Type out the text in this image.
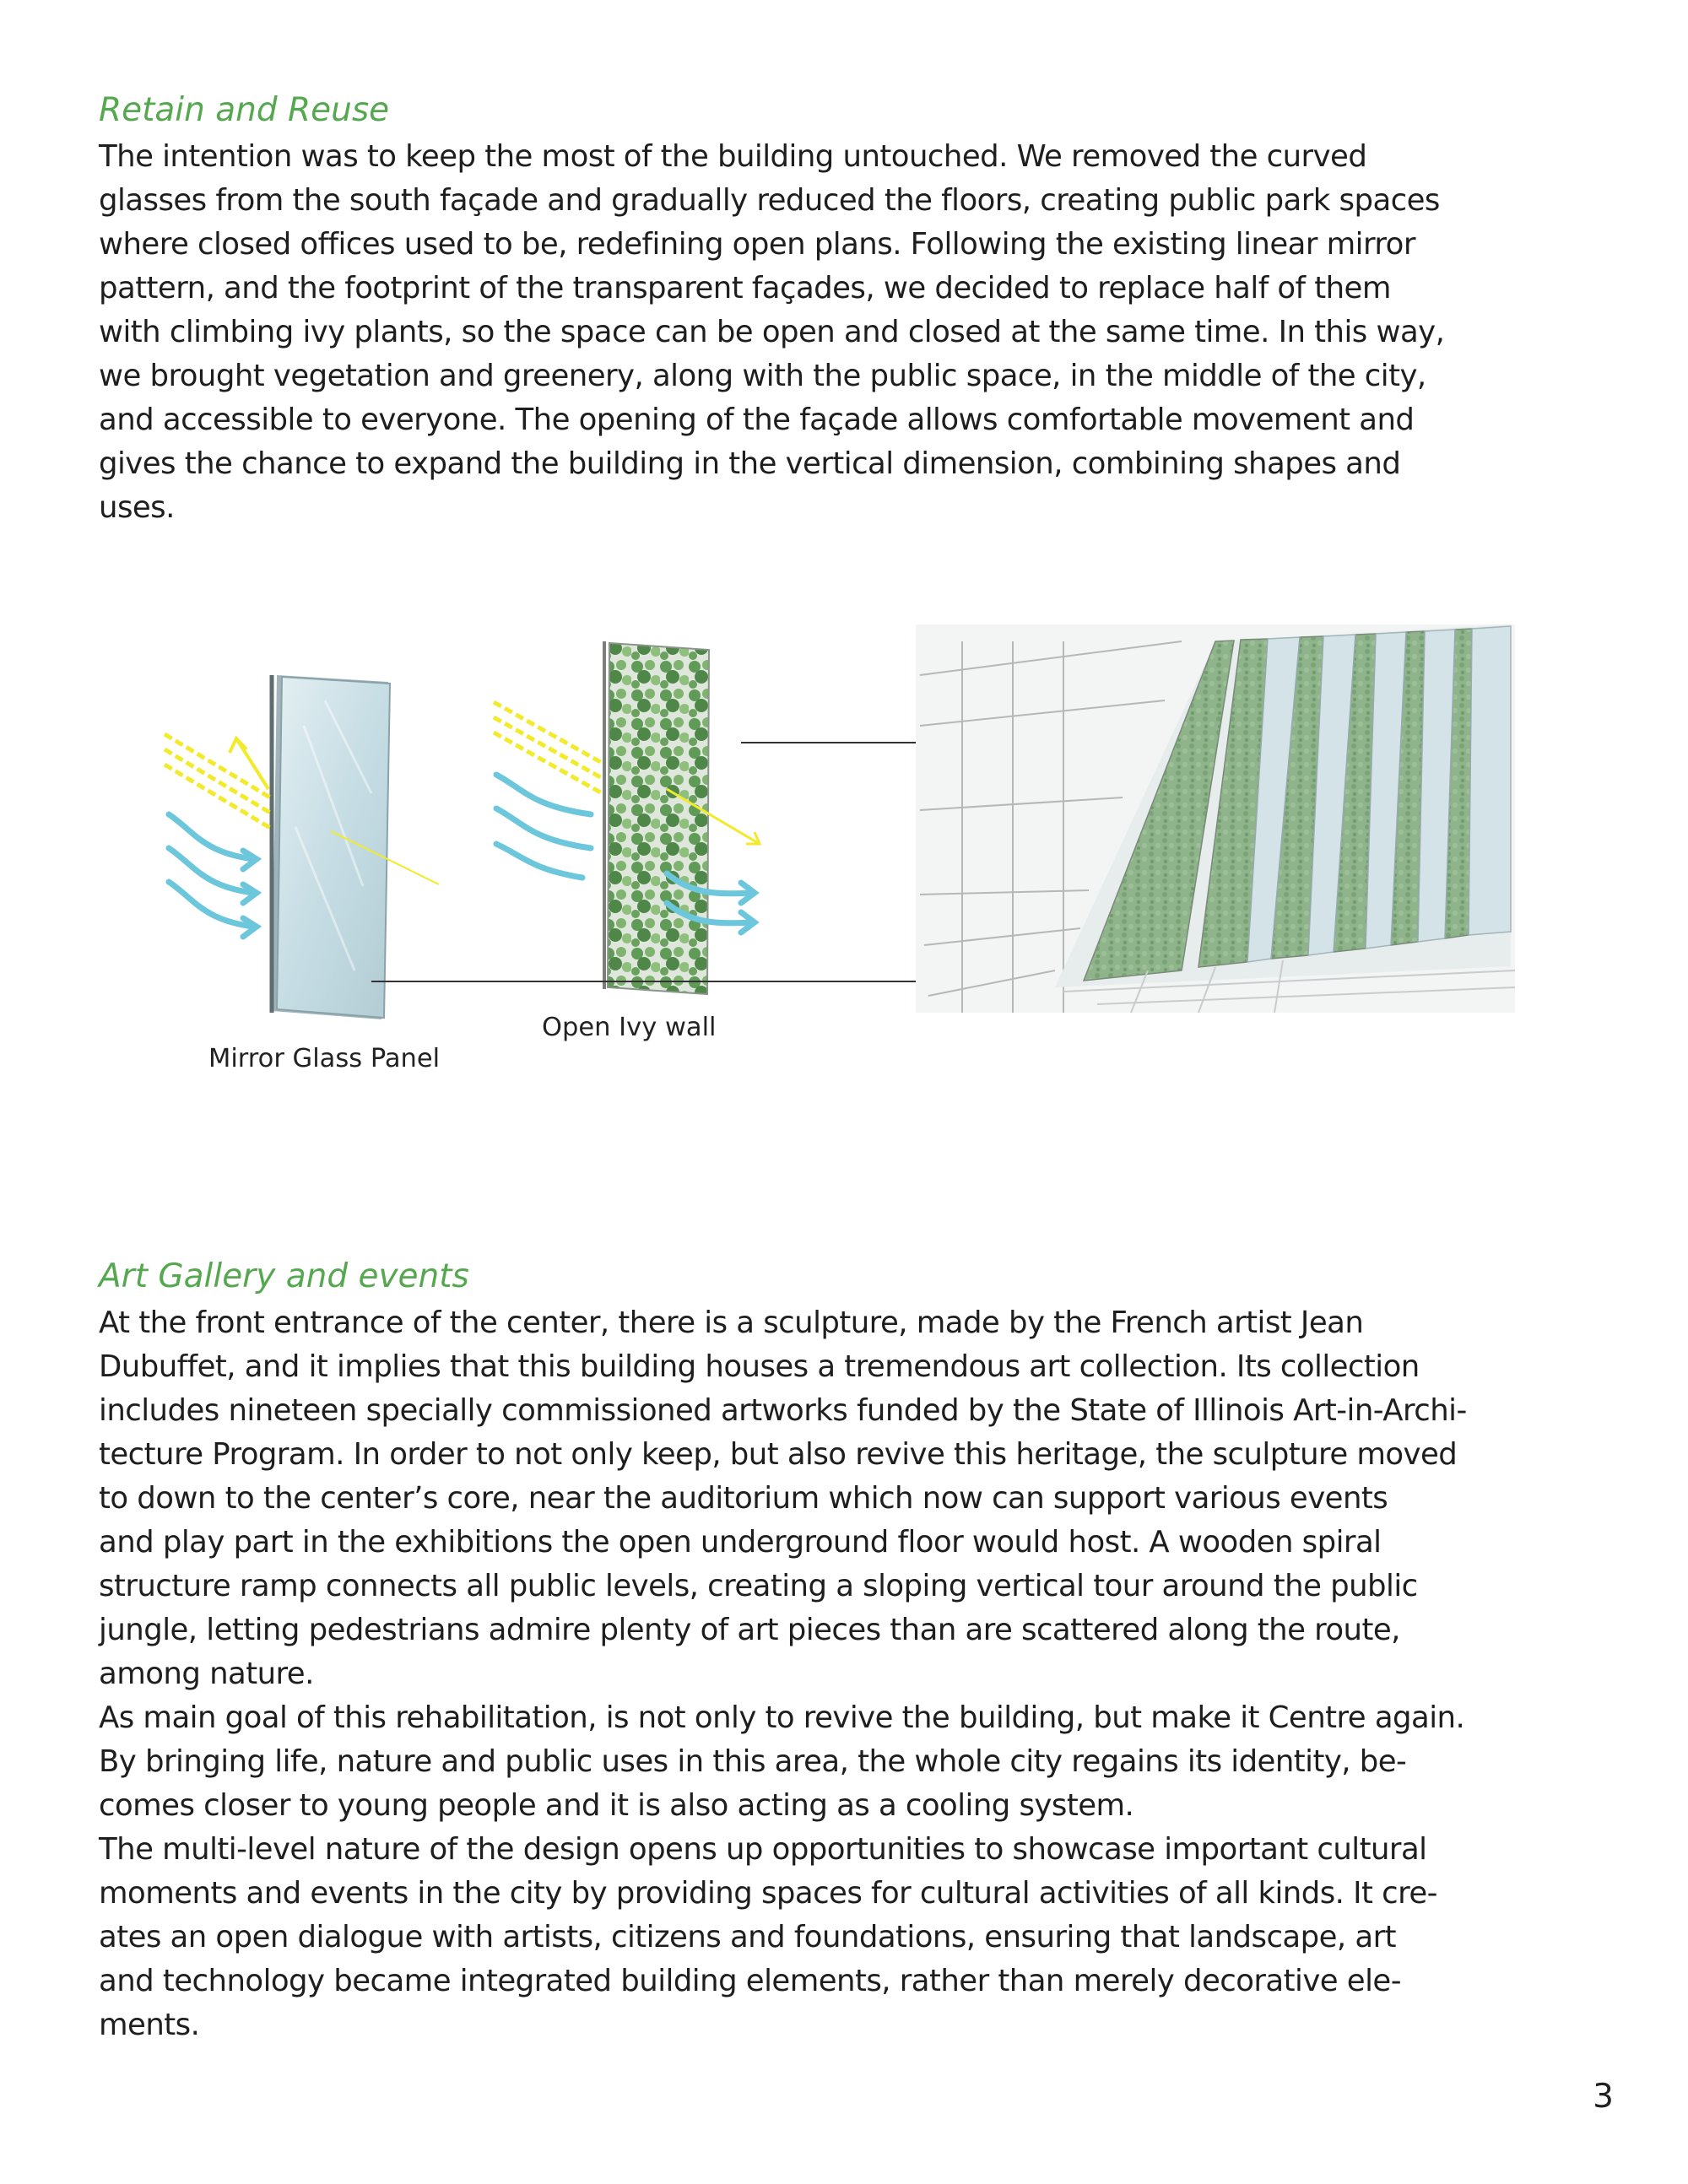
Retain and Reuse

The intention was to keep the most of the building untouched. We removed the curved
glasses from the south façade and gradually reduced the floors, creating public park spaces
where closed offices used to be, redefining open plans. Following the existing linear mirror
pattern, and the footprint of the transparent façades, we decided to replace half of them
with climbing ivy plants, so the space can be open and closed at the same time. In this way,
we brought vegetation and greenery, along with the public space, in the middle of the city,
and accessible to everyone. The opening of the façade allows comfortable movement and
gives the chance to expand the building in the vertical dimension, combining shapes and
uses.

Open Ivy wall

Mirror Glass Panel

Art Gallery and events

At the front entrance of the center, there is a sculpture, made by the French artist Jean
Dubuffet, and it implies that this building houses a tremendous art collection. Its collection
includes nineteen specially commissioned artworks funded by the State of Illinois Art-in-Archi-
tecture Program. In order to not only keep, but also revive this heritage, the sculpture moved
to down to the center’s core, near the auditorium which now can support various events
and play part in the exhibitions the open underground floor would host. A wooden spiral
structure ramp connects all public levels, creating a sloping vertical tour around the public
jungle, letting pedestrians admire plenty of art pieces than are scattered along the route,
among nature.
As main goal of this rehabilitation, is not only to revive the building, but make it Centre again.
By bringing life, nature and public uses in this area, the whole city regains its identity, be-
comes closer to young people and it is also acting as a cooling system.
The multi-level nature of the design opens up opportunities to showcase important cultural
moments and events in the city by providing spaces for cultural activities of all kinds. It cre-
ates an open dialogue with artists, citizens and foundations, ensuring that landscape, art
and technology became integrated building elements, rather than merely decorative ele-
ments.

3
